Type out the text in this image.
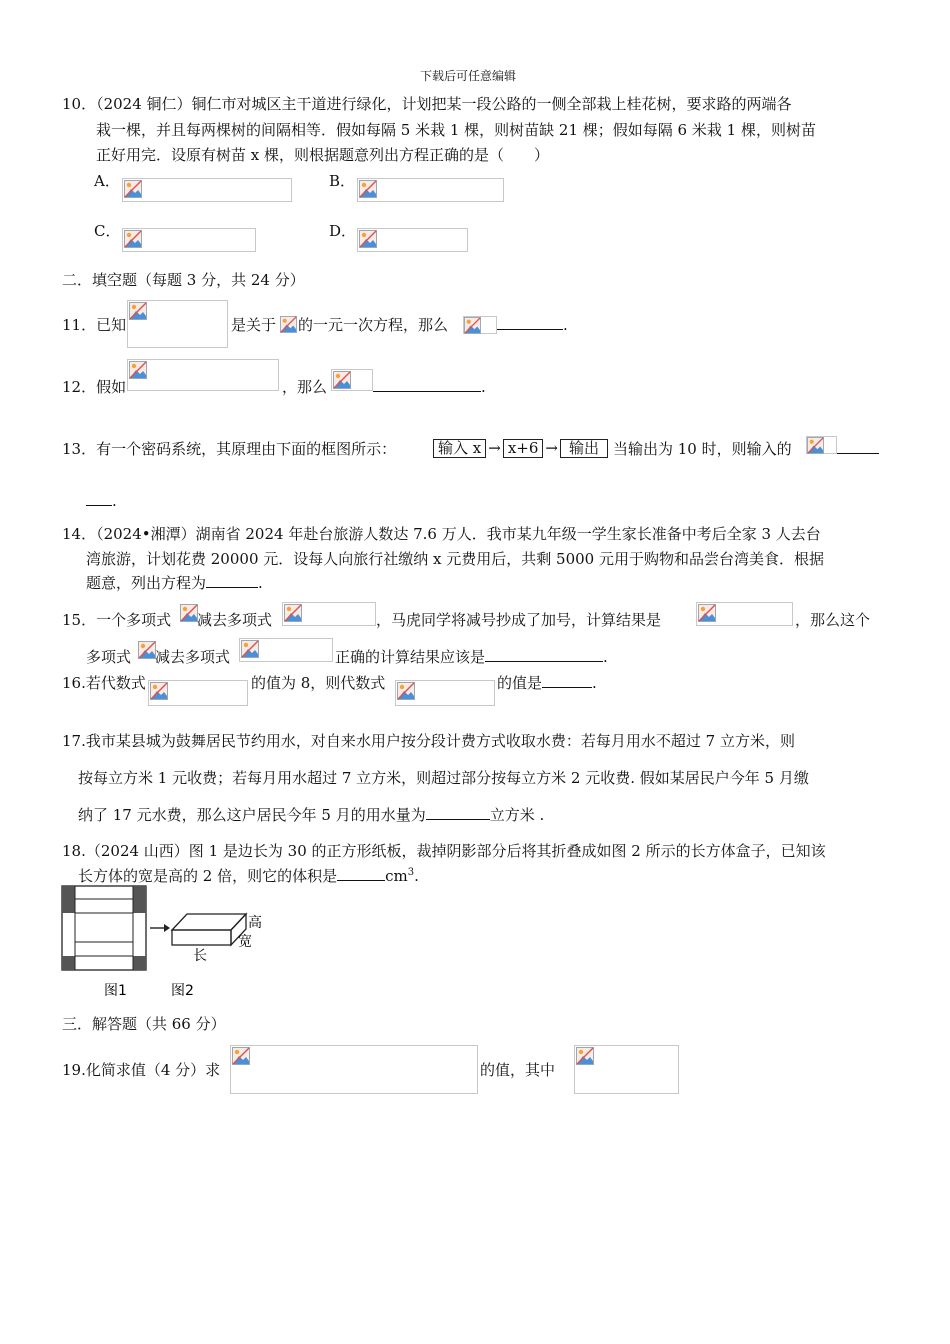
下载后可任意编辑
10．（2024 铜仁）铜仁市对城区主干道进行绿化，计划把某一段公路的一侧全部栽上桂花树，要求路的两端各
栽一棵，并且每两棵树的间隔相等．假如每隔 5 米栽 1 棵，则树苗缺 21 棵；假如每隔 6 米栽 1 棵，则树苗
正好用完．设原有树苗 x 棵，则根据题意列出方程正确的是（　　）
A．	B．
C．	D．
二．填空题（每题 3 分，共 24 分）
11．已知	是关于 的一元一次方程，那么	.
12．假如	，那么	.
13．有一个密码系统，其原理由下面的框图所示：	输入 x → x+6 → 输出 当输出为 10 时，则输入的
.
14．（2024•湘潭）湖南省 2024 年赴台旅游人数达 7.6 万人．我市某九年级一学生家长准备中考后全家 3 人去台
湾旅游，计划花费 20000 元．设每人向旅行社缴纳 x 元费用后，共剩 5000 元用于购物和品尝台湾美食．根据
题意，列出方程为	.
15．一个多项式 减去多项式	，马虎同学将减号抄成了加号，计算结果是	，那么这个
多项式 减去多项式	正确的计算结果应该是	.
16.若代数式	的值为 8，则代数式	的值是	.
17.我市某县城为鼓舞居民节约用水，对自来水用户按分段计费方式收取水费：若每月用水不超过 7 立方米，则
按每立方米 1 元收费；若每月用水超过 7 立方米，则超过部分按每立方米 2 元收费. 假如某居民户今年 5 月缴
纳了 17 元水费，那么这户居民今年 5 月的用水量为	立方米 .
18.（2024 山西）图 1 是边长为 30 的正方形纸板，裁掉阴影部分后将其折叠成如图 2 所示的长方体盒子，已知该
长方体的宽是高的 2 倍，则它的体积是	$cm^3$.
高
宽
长
图1	图2
三．解答题（共 66 分）
19.化简求值（4 分）求	的值，其中
